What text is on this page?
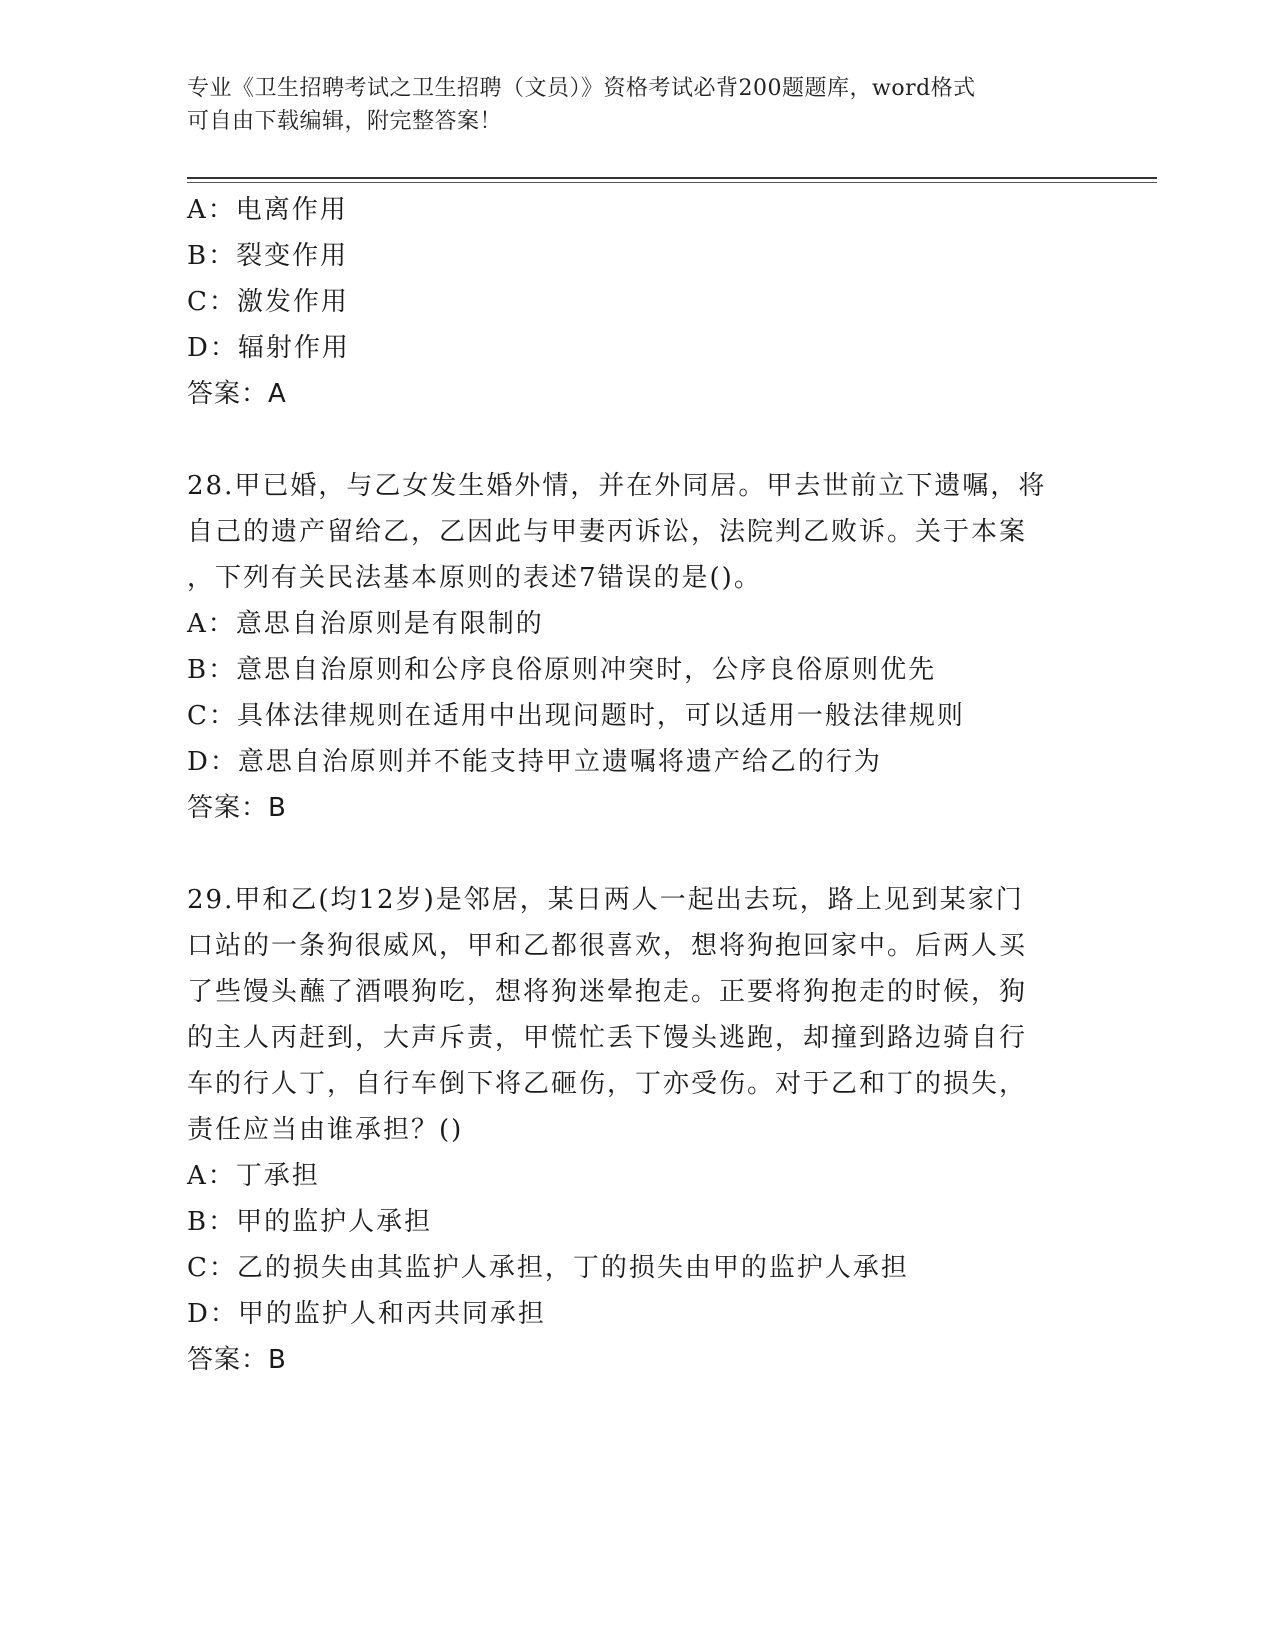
专业《卫生招聘考试之卫生招聘（文员）》资格考试必背200题题库，word格式
可自由下载编辑，附完整答案！
A：电离作用
B：裂变作用
C：激发作用
D：辐射作用
答案：A
28.甲已婚，与乙女发生婚外情，并在外同居。甲去世前立下遗嘱，将
自己的遗产留给乙，乙因此与甲妻丙诉讼，法院判乙败诉。关于本案
，下列有关民法基本原则的表述7错误的是()。
A：意思自治原则是有限制的
B：意思自治原则和公序良俗原则冲突时，公序良俗原则优先
C：具体法律规则在适用中出现问题时，可以适用一般法律规则
D：意思自治原则并不能支持甲立遗嘱将遗产给乙的行为
答案：B
29.甲和乙(均12岁)是邻居，某日两人一起出去玩，路上见到某家门
口站的一条狗很威风，甲和乙都很喜欢，想将狗抱回家中。后两人买
了些馒头蘸了酒喂狗吃，想将狗迷晕抱走。正要将狗抱走的时候，狗
的主人丙赶到，大声斥责，甲慌忙丢下馒头逃跑，却撞到路边骑自行
车的行人丁，自行车倒下将乙砸伤，丁亦受伤。对于乙和丁的损失，
责任应当由谁承担？()
A：丁承担
B：甲的监护人承担
C：乙的损失由其监护人承担，丁的损失由甲的监护人承担
D：甲的监护人和丙共同承担
答案：B
